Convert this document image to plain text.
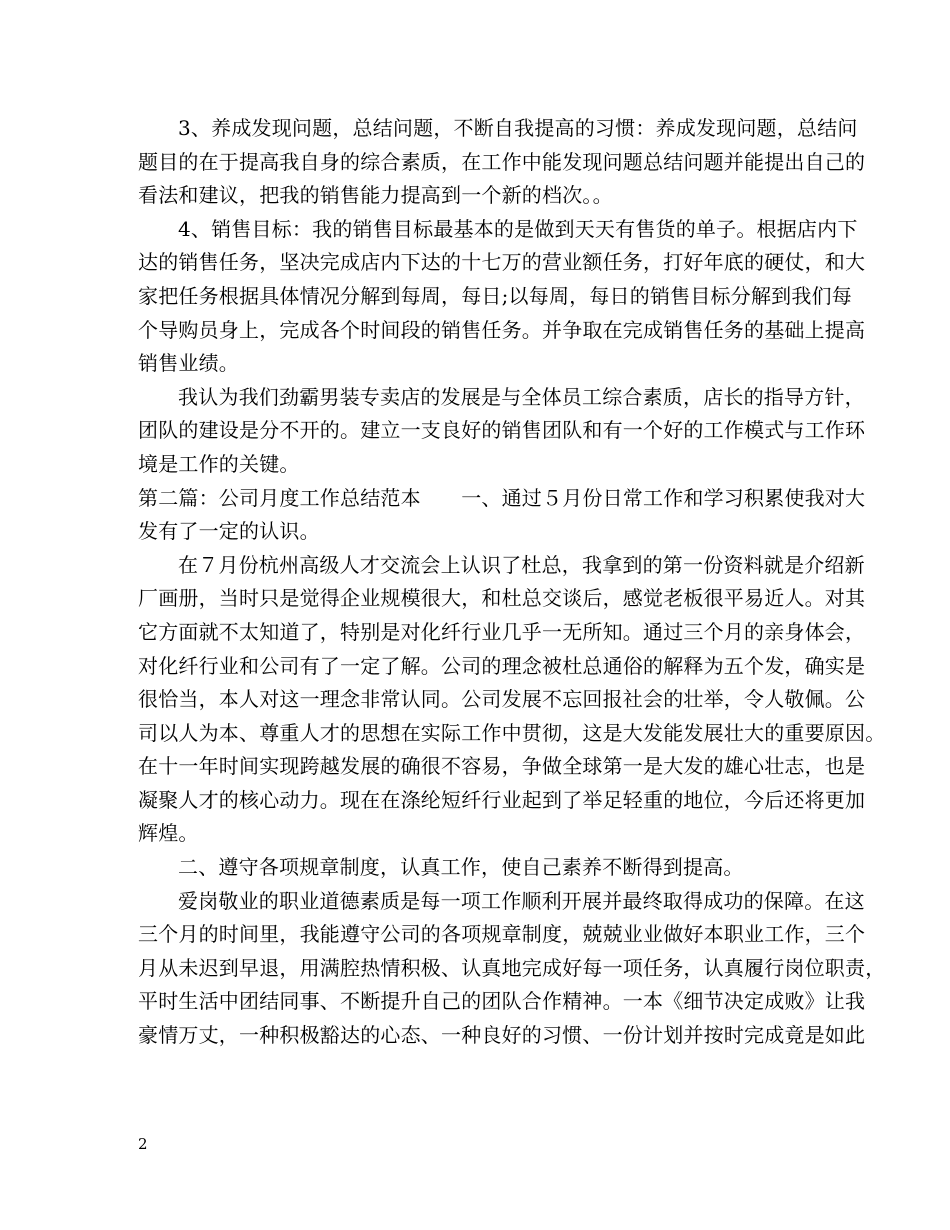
3、养成发现问题，总结问题，不断自我提高的习惯：养成发现问题，总结问
题目的在于提高我自身的综合素质，在工作中能发现问题总结问题并能提出自己的
看法和建议，把我的销售能力提高到一个新的档次。。
4、销售目标：我的销售目标最基本的是做到天天有售货的单子。根据店内下
达的销售任务，坚决完成店内下达的十七万的营业额任务，打好年底的硬仗，和大
家把任务根据具体情况分解到每周，每日;以每周，每日的销售目标分解到我们每
个导购员身上，完成各个时间段的销售任务。并争取在完成销售任务的基础上提高
销售业绩。
我认为我们劲霸男装专卖店的发展是与全体员工综合素质，店长的指导方针，
团队的建设是分不开的。建立一支良好的销售团队和有一个好的工作模式与工作环
境是工作的关键。
第二篇：公司月度工作总结范本　　一、通过５月份日常工作和学习积累使我对大
发有了一定的认识。
在７月份杭州高级人才交流会上认识了杜总，我拿到的第一份资料就是介绍新
厂画册，当时只是觉得企业规模很大，和杜总交谈后，感觉老板很平易近人。对其
它方面就不太知道了，特别是对化纤行业几乎一无所知。通过三个月的亲身体会，
对化纤行业和公司有了一定了解。公司的理念被杜总通俗的解释为五个发，确实是
很恰当，本人对这一理念非常认同。公司发展不忘回报社会的壮举，令人敬佩。公
司以人为本、尊重人才的思想在实际工作中贯彻，这是大发能发展壮大的重要原因。
在十一年时间实现跨越发展的确很不容易，争做全球第一是大发的雄心壮志，也是
凝聚人才的核心动力。现在在涤纶短纤行业起到了举足轻重的地位，今后还将更加
辉煌。
二、遵守各项规章制度，认真工作，使自己素养不断得到提高。
爱岗敬业的职业道德素质是每一项工作顺利开展并最终取得成功的保障。在这
三个月的时间里，我能遵守公司的各项规章制度，兢兢业业做好本职业工作，三个
月从未迟到早退，用满腔热情积极、认真地完成好每一项任务，认真履行岗位职责，
平时生活中团结同事、不断提升自己的团队合作精神。一本《细节决定成败》让我
豪情万丈，一种积极豁达的心态、一种良好的习惯、一份计划并按时完成竟是如此
2
